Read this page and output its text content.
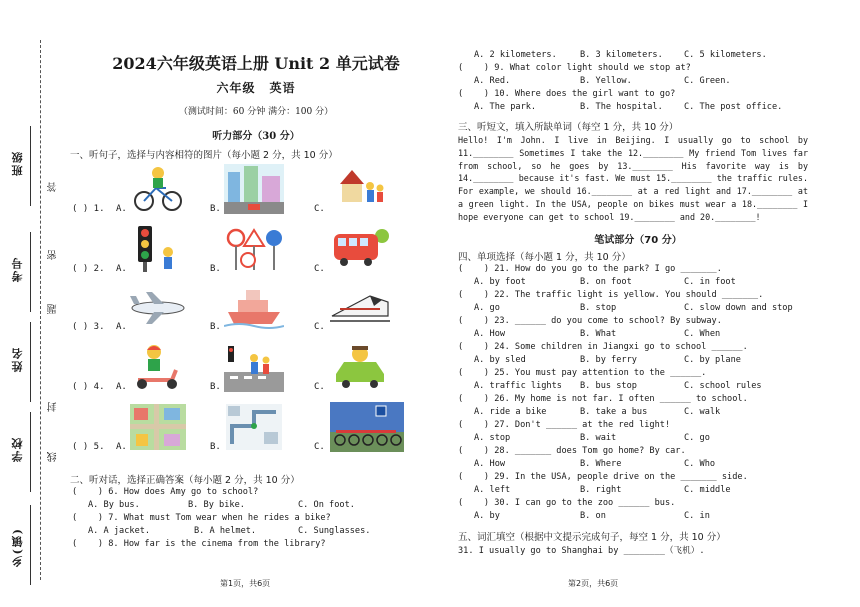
班级
考号
姓名
学校
乡(镇)
答
密
题
封
线
2024六年级英语上册 Unit 2 单元试卷
六年级 英语
（测试时间：60 分钟 满分：100 分）
听力部分（30 分）
一、听句子，选择与内容相符的图片（每小题 2 分，共 10 分）
( ) 1. A.	B.	C.
( ) 2. A.	B.	C.
( ) 3. A.	B.	C.
( ) 4. A.	B.	C.
( ) 5. A.	B.	C.
二、听对话，选择正确答案（每小题 2 分，共 10 分）
(    ) 6. How does Amy go to school?
A. By bus.	B. By bike.	C. On foot.
(    ) 7. What must Tom wear when he rides a bike?
A. A jacket.	B. A helmet.	C. Sunglasses.
(    ) 8. How far is the cinema from the library?
第1页，共6页
A. 2 kilometers.	B. 3 kilometers. C. 5 kilometers.
(    ) 9. What color light should we stop at?
A. Red.	B. Yellow.	C. Green.
(    ) 10. Where does the girl want to go?
A. The park.	B. The hospital. C. The post office.
三、听短文，填入所缺单词（每空 1 分，共 10 分）
Hello! I'm John. I live in Beijing. I usually go to school by 11.________ Sometimes I take the 12.________ My friend Tom lives far from school, so he goes by 13.________ His favorite way is by 14.________ because it's fast. We must 15.________ the traffic rules. For example, we should 16.________ at a red light and 17.________ at a green light. In the USA, people on bikes must wear a 18.________ I hope everyone can get to school 19.________ and 20.________!
笔试部分（70 分）
四、单项选择（每小题 1 分，共 10 分）
(    ) 21. How do you go to the park? I go _______.
A. by foot	B. on foot	C. in foot
(    ) 22. The traffic light is yellow. You should _______.
A. go	B. stop	C. slow down and stop
(    ) 23. ______ do you come to school? By subway.
A. How	B. What	C. When
(    ) 24. Some children in Jiangxi go to school ______.
A. by sled	B. by ferry	C. by plane
(    ) 25. You must pay attention to the ______.
A. traffic lights B. bus stop	C. school rules
(    ) 26. My home is not far. I often ______ to school.
A. ride a bike	B. take a bus	C. walk
(    ) 27. Don't ______ at the red light!
A. stop	B. wait	C. go
(    ) 28. _______ does Tom go home? By car.
A. How	B. Where	C. Who
(    ) 29. In the USA, people drive on the _______ side.
A. left	B. right	C. middle
(    ) 30. I can go to the zoo ______ bus.
A. by	B. on	C. in
五、词汇填空（根据中文提示完成句子，每空 1 分，共 10 分）
31. I usually go to Shanghai by ________（飞机）.
第2页，共6页
